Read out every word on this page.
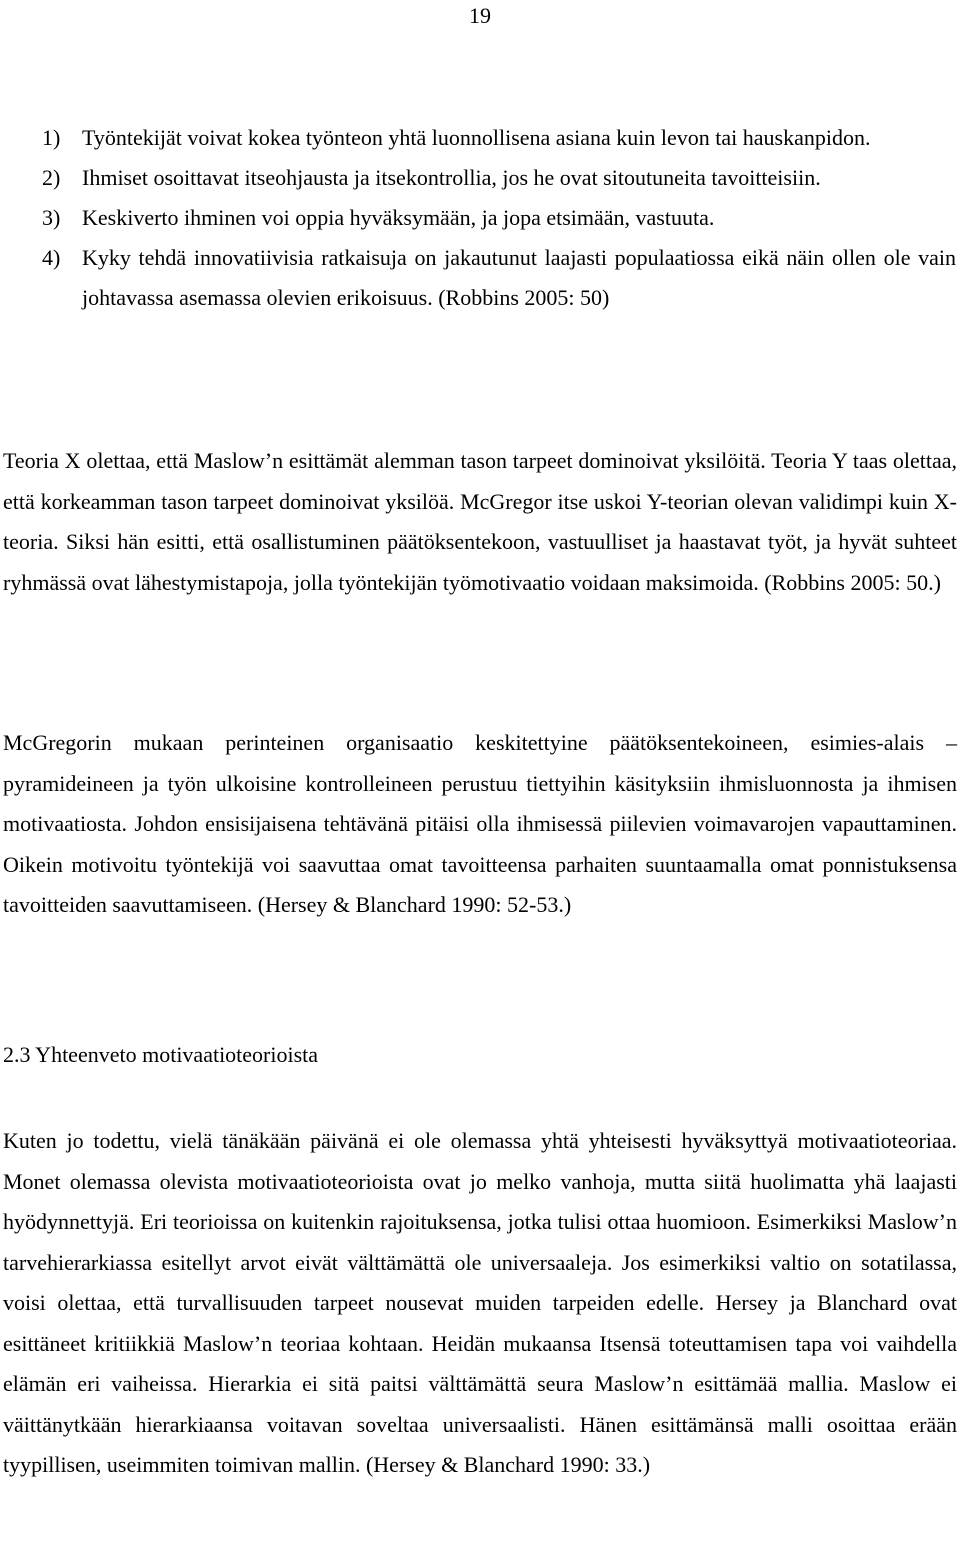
19
1) Työntekijät voivat kokea työnteon yhtä luonnollisena asiana kuin levon tai hauskanpidon.
2) Ihmiset osoittavat itseohjausta ja itsekontrollia, jos he ovat sitoutuneita tavoitteisiin.
3) Keskiverto ihminen voi oppia hyväksymään, ja jopa etsimään, vastuuta.
4) Kyky tehdä innovatiivisia ratkaisuja on jakautunut laajasti populaatiossa eikä näin ollen ole vain johtavassa asemassa olevien erikoisuus. (Robbins 2005: 50)

Teoria X olettaa, että Maslow’n esittämät alemman tason tarpeet dominoivat yksilöitä. Teoria Y taas olettaa, että korkeamman tason tarpeet dominoivat yksilöä. McGregor itse uskoi Y-teorian olevan validimpi kuin X-teoria. Siksi hän esitti, että osallistuminen päätöksentekoon, vastuulliset ja haastavat työt, ja hyvät suhteet ryhmässä ovat lähestymistapoja, jolla työntekijän työmotivaatio voidaan maksimoida. (Robbins 2005: 50.)

McGregorin mukaan perinteinen organisaatio keskitettyine päätöksentekoineen, esimies-alais – pyramideineen ja työn ulkoisine kontrolleineen perustuu tiettyihin käsityksiin ihmisluonnosta ja ihmisen motivaatiosta. Johdon ensisijaisena tehtävänä pitäisi olla ihmisessä piilevien voimavarojen vapauttaminen. Oikein motivoitu työntekijä voi saavuttaa omat tavoitteensa parhaiten suuntaamalla omat ponnistuksensa tavoitteiden saavuttamiseen. (Hersey & Blanchard 1990: 52-53.)

2.3 Yhteenveto motivaatioteorioista

Kuten jo todettu, vielä tänäkään päivänä ei ole olemassa yhtä yhteisesti hyväksyttyä motivaatioteoriaa. Monet olemassa olevista motivaatioteorioista ovat jo melko vanhoja, mutta siitä huolimatta yhä laajasti hyödynnettyjä. Eri teorioissa on kuitenkin rajoituksensa, jotka tulisi ottaa huomioon. Esimerkiksi Maslow’n tarvehierarkiassa esitellyt arvot eivät välttämättä ole universaaleja. Jos esimerkiksi valtio on sotatilassa, voisi olettaa, että turvallisuuden tarpeet nousevat muiden tarpeiden edelle. Hersey ja Blanchard ovat esittäneet kritiikkiä Maslow’n teoriaa kohtaan. Heidän mukaansa Itsensä toteuttamisen tapa voi vaihdella elämän eri vaiheissa. Hierarkia ei sitä paitsi välttämättä seura Maslow’n esittämää mallia. Maslow ei väittänytkään hierarkiaansa voitavan soveltaa universaalisti. Hänen esittämänsä malli osoittaa erään tyypillisen, useimmiten toimivan mallin. (Hersey & Blanchard 1990: 33.)
